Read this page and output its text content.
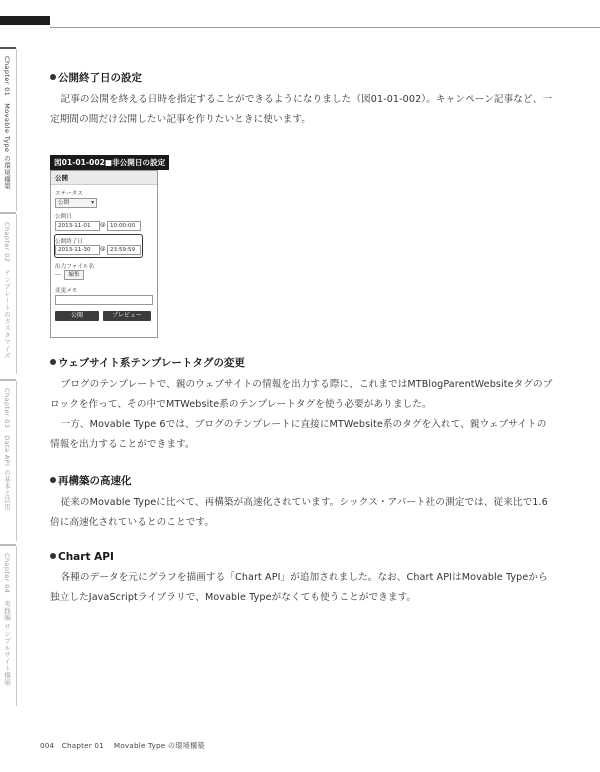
Chapter 01　Movable Type の環境構築
Chapter 02　テンプレートのカスタマイズ
Chapter 03　Data API の基本と活用
Chapter 04　実践編 サンプルサイト構築
公開終了日の設定

記事の公開を終える日時を指定することができるようになりました（図01-01-002）。キャンペーン記事など、一定期間の間だけ公開したい記事を作りたいときに使います。

ウェブサイト系テンプレートタグの変更

ブログのテンプレートで、親のウェブサイトの情報を出力する際に、これまではMTBlogParentWebsiteタグのブロックを作って、その中でMTWebsite系のテンプレートタグを使う必要がありました。

一方、Movable Type 6では、ブログのテンプレートに直接にMTWebsite系のタグを入れて、親ウェブサイトの情報を出力することができます。

再構築の高速化

従来のMovable Typeに比べて、再構築が高速化されています。シックス・アパート社の測定では、従来比で1.6倍に高速化されているとのことです。

Chart API

各種のデータを元にグラフを描画する「Chart API」が追加されました。なお、Chart APIはMovable Typeから独立したJavaScriptライブラリで、Movable Typeがなくても使うことができます。

図01-01-002■非公開日の設定
公開
ステータス
公開	▾
公開日
2013-11-01	@ 10:00:00
公開終了日
2013-11-30	@ 23:59:59
出力ファイル名
---	編集
変更メモ
公開	プレビュー
004 Chapter 01 Movable Type の環境構築
